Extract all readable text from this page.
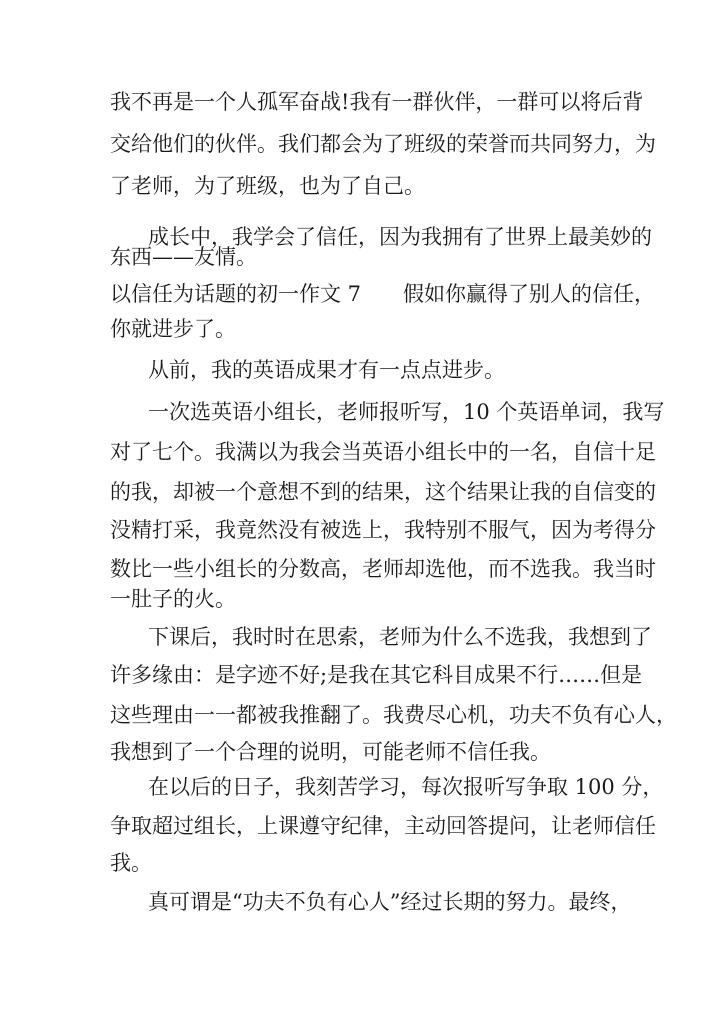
我不再是一个人孤军奋战!我有一群伙伴，一群可以将后背
交给他们的伙伴。我们都会为了班级的荣誉而共同努力，为
了老师，为了班级，也为了自己。
成长中，我学会了信任，因为我拥有了世界上最美妙的
东西——友情。
以信任为话题的初一作文 7　　假如你赢得了别人的信任，
你就进步了。
从前，我的英语成果才有一点点进步。
一次选英语小组长，老师报听写，10 个英语单词，我写
对了七个。我满以为我会当英语小组长中的一名，自信十足
的我，却被一个意想不到的结果，这个结果让我的自信变的
没精打采，我竟然没有被选上，我特别不服气，因为考得分
数比一些小组长的分数高，老师却选他，而不选我。我当时
一肚子的火。
下课后，我时时在思索，老师为什么不选我，我想到了
许多缘由：是字迹不好;是我在其它科目成果不行……但是
这些理由一一都被我推翻了。我费尽心机，功夫不负有心人，
我想到了一个合理的说明，可能老师不信任我。
在以后的日子，我刻苦学习，每次报听写争取 100 分，
争取超过组长，上课遵守纪律，主动回答提问，让老师信任
我。
真可谓是“功夫不负有心人”经过长期的努力。最终，
